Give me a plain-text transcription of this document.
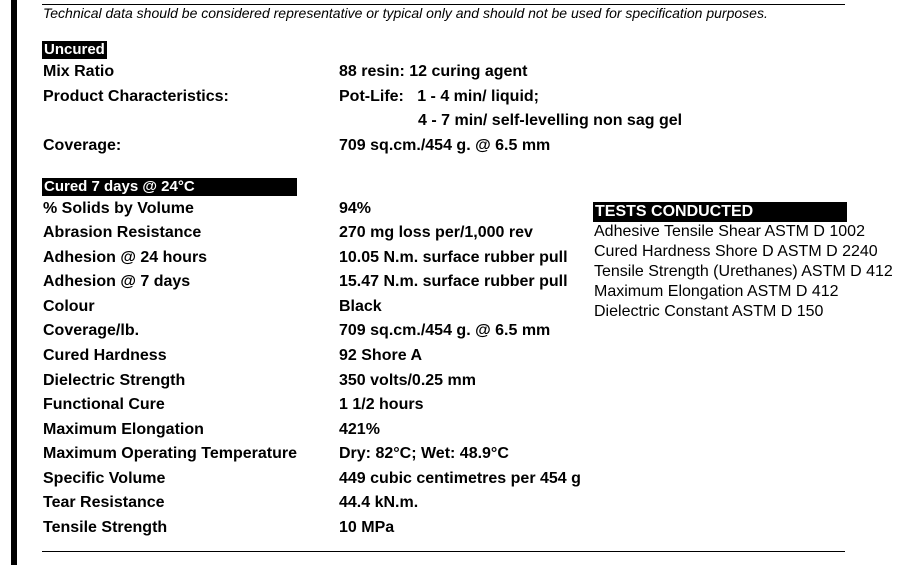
Technical data should be considered representative or typical only and should not be used for specification purposes.
Uncured
Mix Ratio	88 resin: 12 curing agent
Product Characteristics:	Pot-Life:   1 - 4 min/ liquid;
4 - 7 min/ self-levelling non sag gel
Coverage:	709 sq.cm./454 g. @ 6.5 mm
Cured 7 days @ 24°C
% Solids by Volume	94%
Abrasion Resistance	270 mg loss per/1,000 rev
Adhesion @ 24 hours	10.05 N.m. surface rubber pull
Adhesion @ 7 days	15.47 N.m. surface rubber pull
Colour	Black
Coverage/lb.	709 sq.cm./454 g. @ 6.5 mm
Cured Hardness	92 Shore A
Dielectric Strength	350 volts/0.25 mm
Functional Cure	1 1/2 hours
Maximum Elongation	421%
Maximum Operating Temperature	Dry: 82°C; Wet: 48.9°C
Specific Volume	449 cubic centimetres per 454 g
Tear Resistance	44.4 kN.m.
Tensile Strength	10 MPa
TESTS CONDUCTED
Adhesive Tensile Shear ASTM D 1002
Cured Hardness Shore D ASTM D 2240
Tensile Strength (Urethanes) ASTM D 412
Maximum Elongation ASTM D 412
Dielectric Constant ASTM D 150
